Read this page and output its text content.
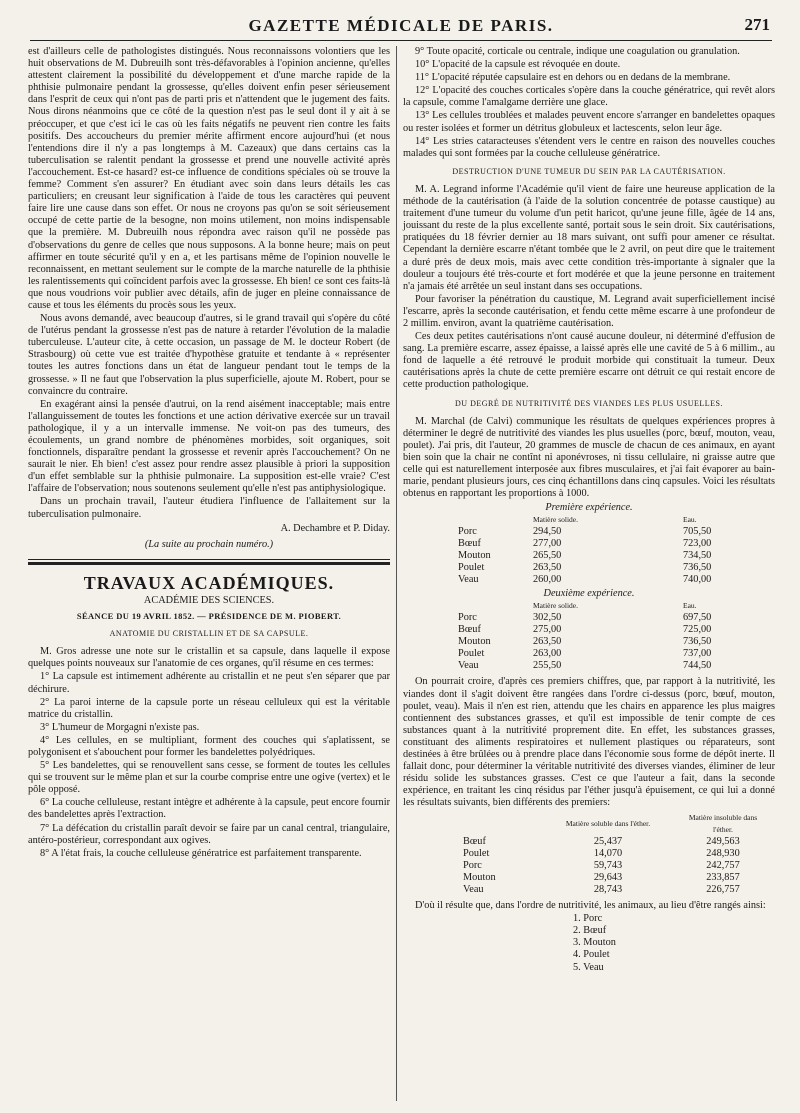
GAZETTE MÉDICALE DE PARIS.	271

est d'ailleurs celle de pathologistes distingués. Nous reconnaissons volontiers que les huit observations de M. Dubreuilh sont très-défavorables à l'opinion ancienne, qu'elles attestent clairement la possibilité du développement et d'une marche rapide de la phthisie pulmonaire pendant la grossesse, qu'elles doivent enfin peser sérieusement dans l'esprit de ceux qui n'ont pas de parti pris et n'attendent que le jugement des faits. Nous dirons néanmoins que ce côté de la question n'est pas le seul dont il y ait à se préoccuper, et que c'est ici le cas où les faits négatifs ne peuvent rien contre les faits positifs. Des accoucheurs du premier mérite affirment encore aujourd'hui (et nous l'entendions dire il n'y a pas longtemps à M. Cazeaux) que dans certains cas la tuberculisation se ralentit pendant la grossesse et prend une nouvelle activité après l'accouchement. Est-ce hasard? est-ce influence de conditions spéciales où se trouve la femme? Comment s'en assurer? En étudiant avec soin dans leurs détails les cas particuliers; en creusant leur signification à l'aide de tous les caractères qui peuvent faire lire une cause dans son effet. Or nous ne croyons pas qu'on se soit sérieusement occupé de cette partie de la besogne, non moins utilement, non moins indispensable que la première. M. Dubreuilh nous répondra avec raison qu'il ne possède pas d'observations du genre de celles que nous supposons. A la bonne heure; mais on peut affirmer en toute sécurité qu'il y en a, et les partisans même de l'opinion nouvelle le reconnaissent, en mettant seulement sur le compte de la marche naturelle de la phthisie les ralentissements qui coïncident parfois avec la grossesse. Eh bien! ce sont ces faits-là que nous voudrions voir publier avec détails, afin de juger en pleine connaissance de cause et tous les éléments du procès sous les yeux.

Nous avons demandé, avec beaucoup d'autres, si le grand travail qui s'opère du côté de l'utérus pendant la grossesse n'est pas de nature à retarder l'évolution de la maladie tuberculeuse. L'auteur cite, à cette occasion, un passage de M. le docteur Robert (de Strasbourg) où cette vue est traitée d'hypothèse gratuite et tendante à « représenter toutes les autres fonctions dans un état de langueur pendant tout le temps de la grossesse. » Il ne faut que l'observation la plus superficielle, ajoute M. Robert, pour se convaincre du contraire.

En exagérant ainsi la pensée d'autrui, on la rend aisément inacceptable; mais entre l'allanguissement de toutes les fonctions et une action dérivative exercée sur un travail pathologique, il y a un intervalle immense. Ne voit-on pas des tumeurs, des écoulements, un grand nombre de phénomènes morbides, soit organiques, soit fonctionnels, disparaître pendant la grossesse et revenir après l'accouchement? On ne saurait le nier. Eh bien! c'est assez pour rendre assez plausible à priori la supposition d'un effet semblable sur la phthisie pulmonaire. La supposition est-elle vraie? C'est l'affaire de l'observation; nous soutenons seulement qu'elle n'est pas antiphysiologique.

Dans un prochain travail, l'auteur étudiera l'influence de l'allaitement sur la tuberculisation pulmonaire.

A. Dechambre et P. Diday.

(La suite au prochain numéro.)

TRAVAUX ACADÉMIQUES.

ACADÉMIE DES SCIENCES.

SÉANCE DU 19 AVRIL 1852. — PRÉSIDENCE DE M. PIOBERT.

ANATOMIE DU CRISTALLIN ET DE SA CAPSULE.

M. Gros adresse une note sur le cristallin et sa capsule, dans laquelle il expose quelques points nouveaux sur l'anatomie de ces organes, qu'il résume en ces termes:

1° La capsule est intimement adhérente au cristallin et ne peut s'en séparer que par déchirure.

2° La paroi interne de la capsule porte un réseau celluleux qui est la véritable matrice du cristallin.

3° L'humeur de Morgagni n'existe pas.

4° Les cellules, en se multipliant, forment des couches qui s'aplatissent, se polygonisent et s'abouchent pour former les bandelettes polyédriques.

5° Les bandelettes, qui se renouvellent sans cesse, se forment de toutes les cellules qui se trouvent sur le même plan et sur la courbe comprise entre une ogive (vertex) et le pôle opposé.

6° La couche celluleuse, restant intègre et adhérente à la capsule, peut encore fournir des bandelettes après l'extraction.

7° La défécation du cristallin paraît devoir se faire par un canal central, triangulaire, antéro-postérieur, correspondant aux ogives.

8° A l'état frais, la couche celluleuse génératrice est parfaitement transparente.

9° Toute opacité, corticale ou centrale, indique une coagulation ou granulation.

10° L'opacité de la capsule est révoquée en doute.

11° L'opacité réputée capsulaire est en dehors ou en dedans de la membrane.

12° L'opacité des couches corticales s'opère dans la couche génératrice, qui revêt alors la capsule, comme l'amalgame derrière une glace.

13° Les cellules troublées et malades peuvent encore s'arranger en bandelettes opaques ou rester isolées et former un détritus globuleux et lactescents, selon leur âge.

14° Les stries cataracteuses s'étendent vers le centre en raison des nouvelles couches malades qui sont formées par la couche celluleuse génératrice.

DESTRUCTION D'UNE TUMEUR DU SEIN PAR LA CAUTÉRISATION.

M. A. Legrand informe l'Académie qu'il vient de faire une heureuse application de la méthode de la cautérisation (à l'aide de la solution concentrée de potasse caustique) au traitement d'une tumeur du volume d'un petit haricot, qu'une jeune fille, âgée de 14 ans, jouissant du reste de la plus excellente santé, portait sous le sein droit. Six cautérisations, pratiquées du 18 février dernier au 18 mars suivant, ont suffi pour amener ce résultat. Cependant la dernière escarre n'étant tombée que le 2 avril, on peut dire que le traitement a duré près de deux mois, mais avec cette condition très-importante à signaler que la douleur a toujours été très-courte et fort modérée et que la jeune personne en traitement n'a jamais été arrêtée un seul instant dans ses occupations.

Pour favoriser la pénétration du caustique, M. Legrand avait superficiellement incisé l'escarre, après la seconde cautérisation, et fendu cette même escarre à une profondeur de 2 millim. environ, avant la quatrième cautérisation.

Ces deux petites cautérisations n'ont causé aucune douleur, ni déterminé d'effusion de sang. La première escarre, assez épaisse, a laissé après elle une cavité de 5 à 6 millim., au fond de laquelle a été retrouvé le produit morbide qui constituait la tumeur. Deux cautérisations après la chute de cette première escarre ont détruit ce qui restait encore de cette production pathologique.

DU DEGRÉ DE NUTRITIVITÉ DES VIANDES LES PLUS USUELLES.

M. Marchal (de Calvi) communique les résultats de quelques expériences propres à déterminer le degré de nutritivité des viandes les plus usuelles (porc, bœuf, mouton, veau, poulet). J'ai pris, dit l'auteur, 20 grammes de muscle de chacun de ces animaux, en ayant bien soin que la chair ne contînt ni aponévroses, ni tissu cellulaire, ni graisse autre que celle qui est naturellement interposée aux fibres musculaires, et j'ai fait évaporer au bain-marie, pendant plusieurs jours, ces cinq échantillons dans cinq capsules. Voici les résultats obtenus en rapportant les proportions à 1000.

Première expérience.

	Matière solide.	Eau.
Porc	294,50	705,50
Bœuf	277,00	723,00
Mouton	265,50	734,50
Poulet	263,50	736,50
Veau	260,00	740,00

Deuxième expérience.

	Matière solide.	Eau.
Porc	302,50	697,50
Bœuf	275,00	725,00
Mouton	263,50	736,50
Poulet	263,00	737,00
Veau	255,50	744,50

On pourrait croire, d'après ces premiers chiffres, que, par rapport à la nutritivité, les viandes dont il s'agit doivent être rangées dans l'ordre ci-dessus (porc, bœuf, mouton, poulet, veau). Mais il n'en est rien, attendu que les chairs en apparence les plus maigres contiennent des substances grasses, et qu'il est impossible de tenir compte de ces substances quant à la nutritivité proprement dite. En effet, les substances grasses, constituant des aliments respiratoires et nullement plastiques ou réparateurs, sont destinées à être brûlées ou à prendre place dans l'économie sous forme de dépôt inerte. Il fallait donc, pour déterminer la véritable nutritivité des diverses viandes, éliminer de leur résidu solide les substances grasses. C'est ce que l'auteur a fait, dans la seconde expérience, en traitant les cinq résidus par l'éther jusqu'à épuisement, ce qui lui a donné les résultats suivants, bien différents des premiers:

	Matière soluble dans l'éther.	Matière insoluble dans l'éther.
Bœuf	25,437	249,563
Poulet	14,070	248,930
Porc	59,743	242,757
Mouton	29,643	233,857
Veau	28,743	226,757

D'où il résulte que, dans l'ordre de nutritivité, les animaux, au lieu d'être rangés ainsi:

1. Porc
2. Bœuf
3. Mouton
4. Poulet
5. Veau
